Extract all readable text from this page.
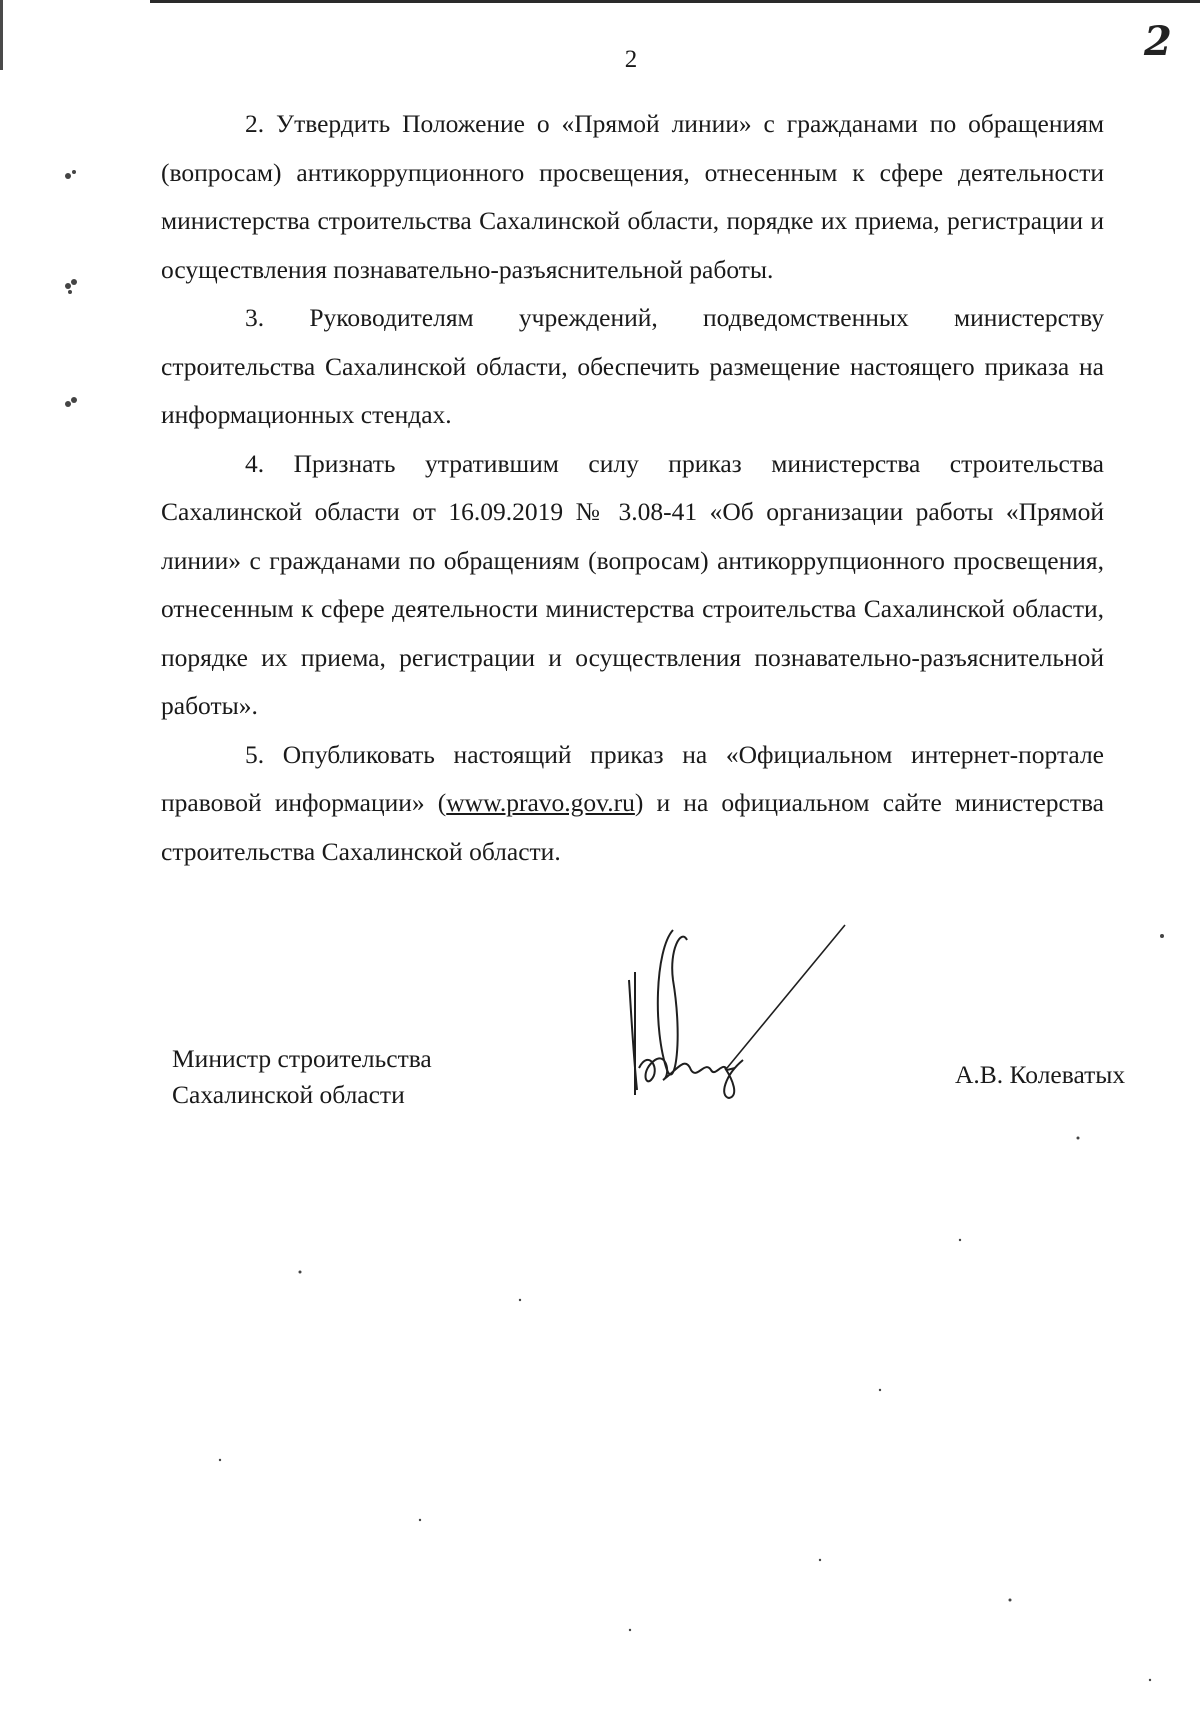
2	2

2. Утвердить Положение о «Прямой линии» с гражданами по обращениям (вопросам) антикоррупционного просвещения, отнесенным к сфере деятельности министерства строительства Сахалинской области, порядке их приема, регистрации и осуществления познавательно-разъяснительной работы.

3. Руководителям учреждений, подведомственных министерству строительства Сахалинской области, обеспечить размещение настоящего приказа на информационных стендах.

4. Признать утратившим силу приказ министерства строительства Сахалинской области от 16.09.2019 № 3.08-41 «Об организации работы «Прямой линии» с гражданами по обращениям (вопросам) антикоррупционного просвещения, отнесенным к сфере деятельности министерства строительства Сахалинской области, порядке их приема, регистрации и осуществления познавательно-разъяснительной работы».

5. Опубликовать настоящий приказ на «Официальном интернет-портале правовой информации» (www.pravo.gov.ru) и на официальном сайте министерства строительства Сахалинской области.

Министр строительства
Сахалинской области
А.В. Колеватых
